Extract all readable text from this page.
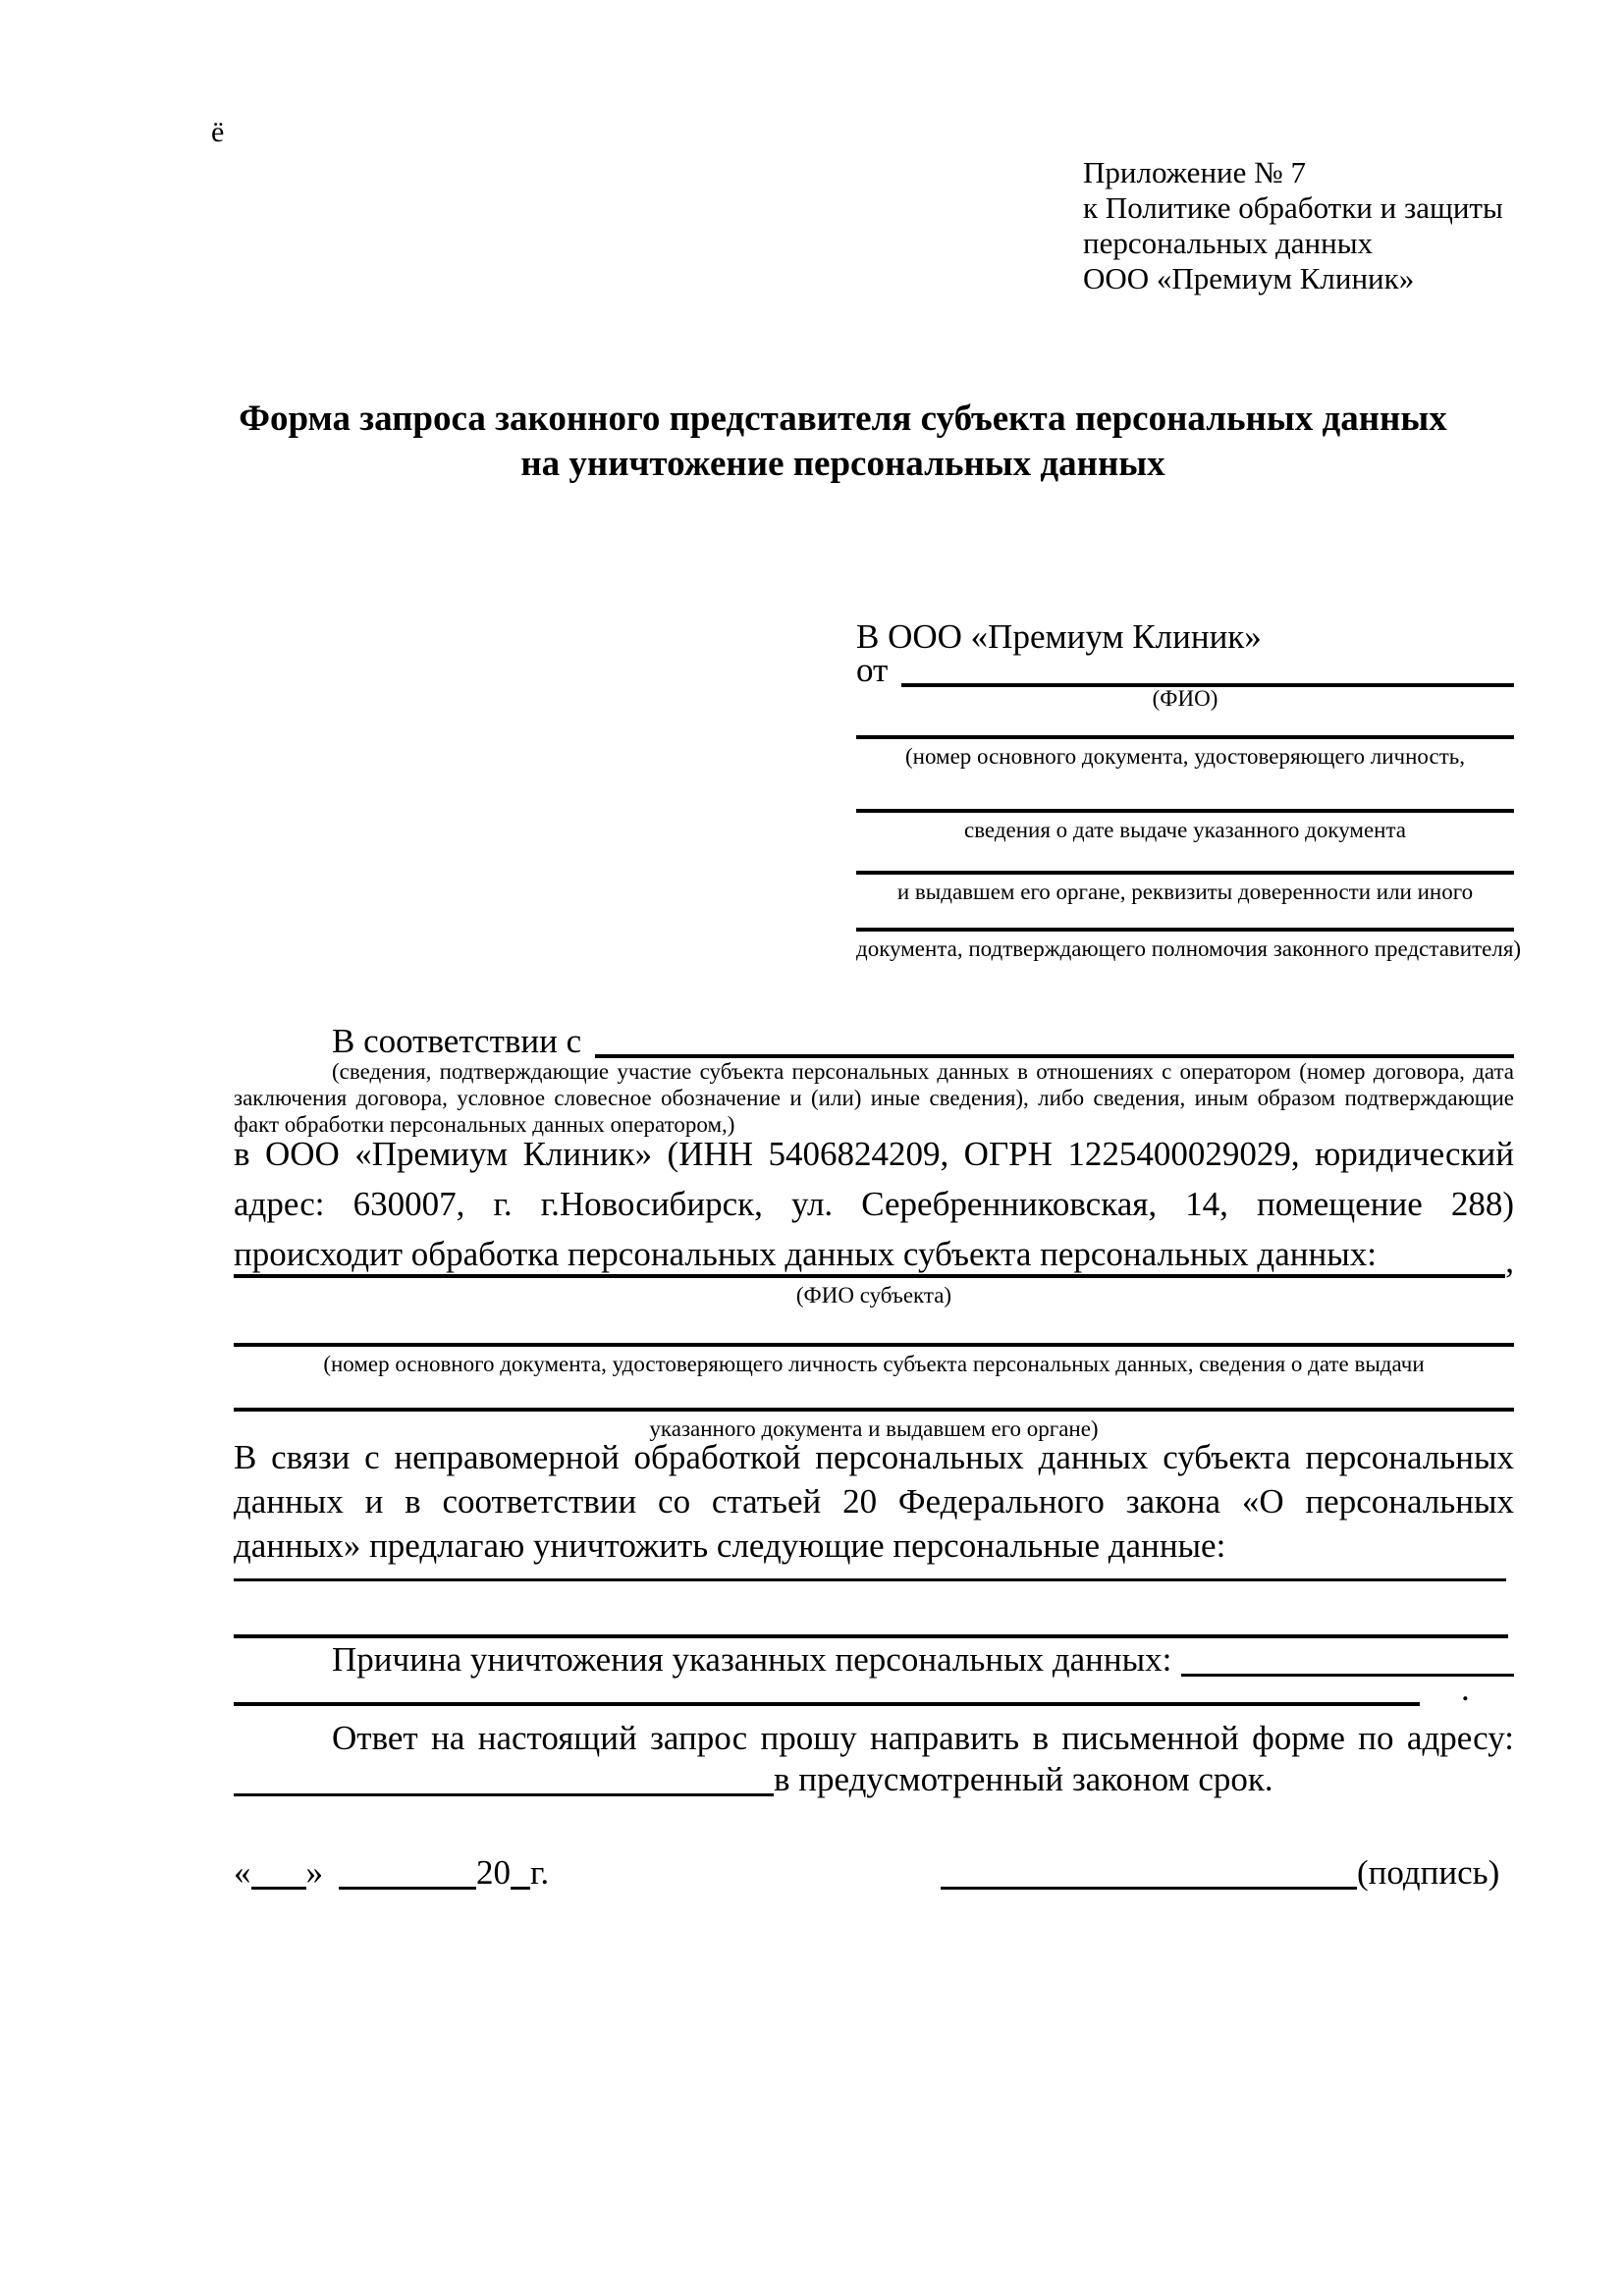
ё
Приложение № 7
к Политике обработки и защиты
персональных данных
ООО «Премиум Клиник»
Форма запроса законного представителя субъекта персональных данных
на уничтожение персональных данных
В ООО «Премиум Клиник»
от
(ФИО)
(номер основного документа, удостоверяющего личность,
сведения о дате выдаче указанного документа
и выдавшем его органе, реквизиты доверенности или иного
документа, подтверждающего полномочия законного представителя)
В соответствии с
(сведения, подтверждающие участие субъекта персональных данных в отношениях с оператором (номер договора, дата заключения договора, условное словесное обозначение и (или) иные сведения), либо сведения, иным образом подтверждающие факт обработки персональных данных оператором,)
в ООО «Премиум Клиник» (ИНН 5406824209, ОГРН 1225400029029, юридический адрес: 630007, г. г.Новосибирск, ул. Серебренниковская, 14, помещение 288) происходит обработка персональных данных субъекта персональных данных:	,
(ФИО субъекта)
(номер основного документа, удостоверяющего личность субъекта персональных данных, сведения о дате выдачи
указанного документа и выдавшем его органе)
В связи с неправомерной обработкой персональных данных субъекта персональных данных и в соответствии со статьей 20 Федерального закона «О персональных данных» предлагаю уничтожить следующие персональные данные:
Причина уничтожения указанных персональных данных:
.
Ответ на настоящий запрос прошу направить в письменной форме по адресу:
в предусмотренный законом срок.
« »	20 г.	(подпись)
